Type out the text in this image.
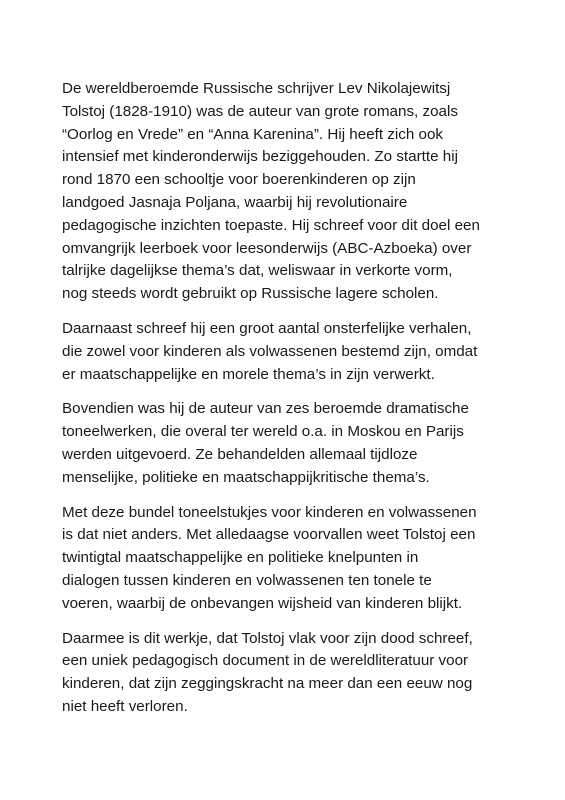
De wereldberoemde Russische schrijver Lev Nikolajewitsj
Tolstoj (1828-1910) was de auteur van grote romans, zoals
“Oorlog en Vrede” en “Anna Karenina”. Hij heeft zich ook
intensief met kinderonderwijs beziggehouden. Zo startte hij
rond 1870 een schooltje voor boerenkinderen op zijn
landgoed Jasnaja Poljana, waarbij hij revolutionaire
pedagogische inzichten toepaste. Hij schreef voor dit doel een
omvangrijk leerboek voor leesonderwijs (ABC-Azboeka) over
talrijke dagelijkse thema’s dat, weliswaar in verkorte vorm,
nog steeds wordt gebruikt op Russische lagere scholen.

Daarnaast schreef hij een groot aantal onsterfelijke verhalen,
die zowel voor kinderen als volwassenen bestemd zijn, omdat
er maatschappelijke en morele thema’s in zijn verwerkt.

Bovendien was hij de auteur van zes beroemde dramatische
toneelwerken, die overal ter wereld o.a. in Moskou en Parijs
werden uitgevoerd. Ze behandelden allemaal tijdloze
menselijke, politieke en maatschappijkritische thema’s.

Met deze bundel toneelstukjes voor kinderen en volwassenen
is dat niet anders. Met alledaagse voorvallen weet Tolstoj een
twintigtal maatschappelijke en politieke knelpunten in
dialogen tussen kinderen en volwassenen ten tonele te
voeren, waarbij de onbevangen wijsheid van kinderen blijkt.

Daarmee is dit werkje, dat Tolstoj vlak voor zijn dood schreef,
een uniek pedagogisch document in de wereldliteratuur voor
kinderen, dat zijn zeggingskracht na meer dan een eeuw nog
niet heeft verloren.
